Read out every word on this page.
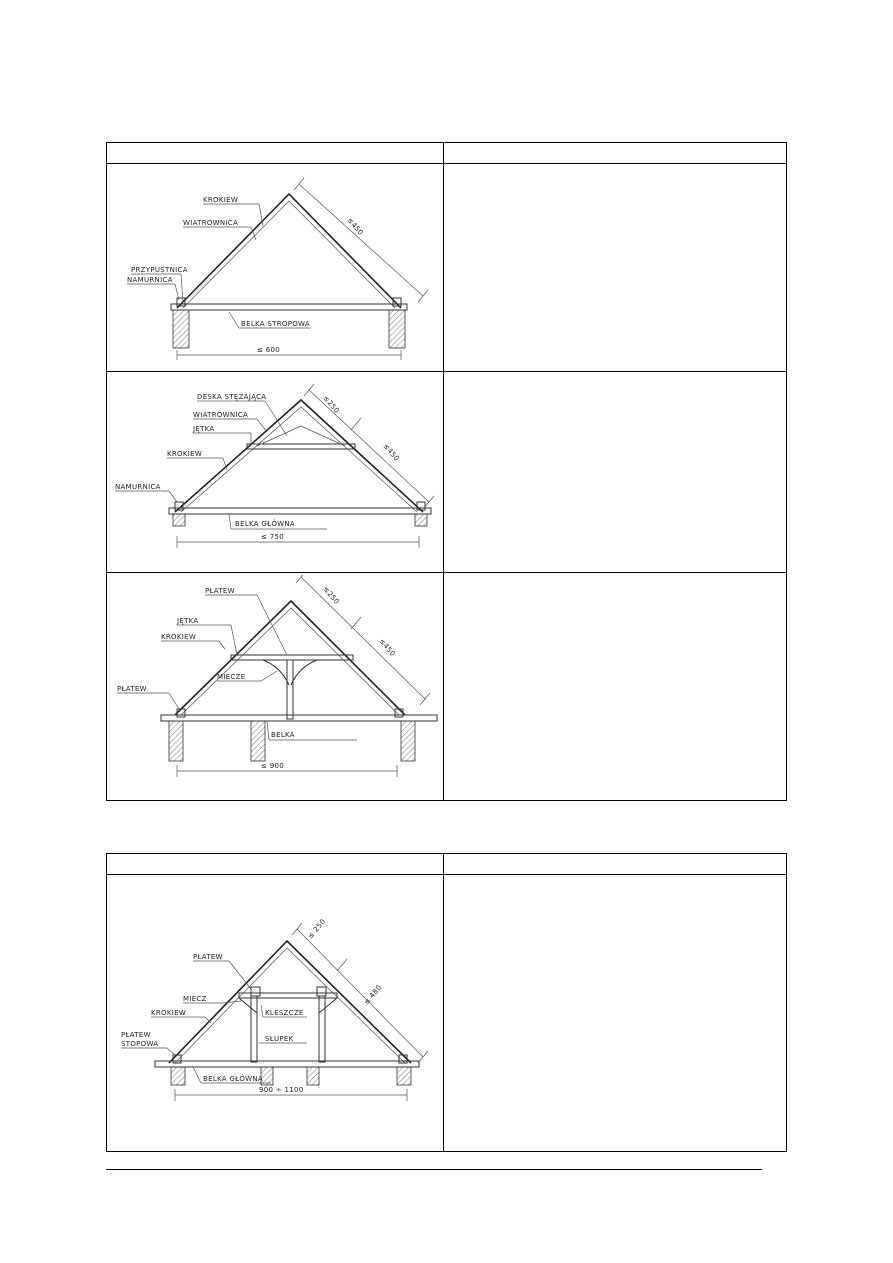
≤450
≤ 600
KROKIEW
WIATROWNICA
PRZYPUSTNICA
NAMURNICA
BELKA STROPOWA
≤250
≤450
≤ 750
DESKA STĘŻAJĄCA
WIATROWNICA
JĘTKA
KROKIEW
NAMURNICA
BELKA GŁÓWNA
≤250
≤450
≤ 900
PŁATEW
JĘTKA
KROKIEW
MIECZE
PŁATEW
BELKA
≤ 250
≤ 480
900 ÷ 1100
PŁATEW
MIECZ
KROKIEW
PŁATEW
STOPOWA
KLESZCZE
SŁUPEK
BELKA GŁÓWNA
